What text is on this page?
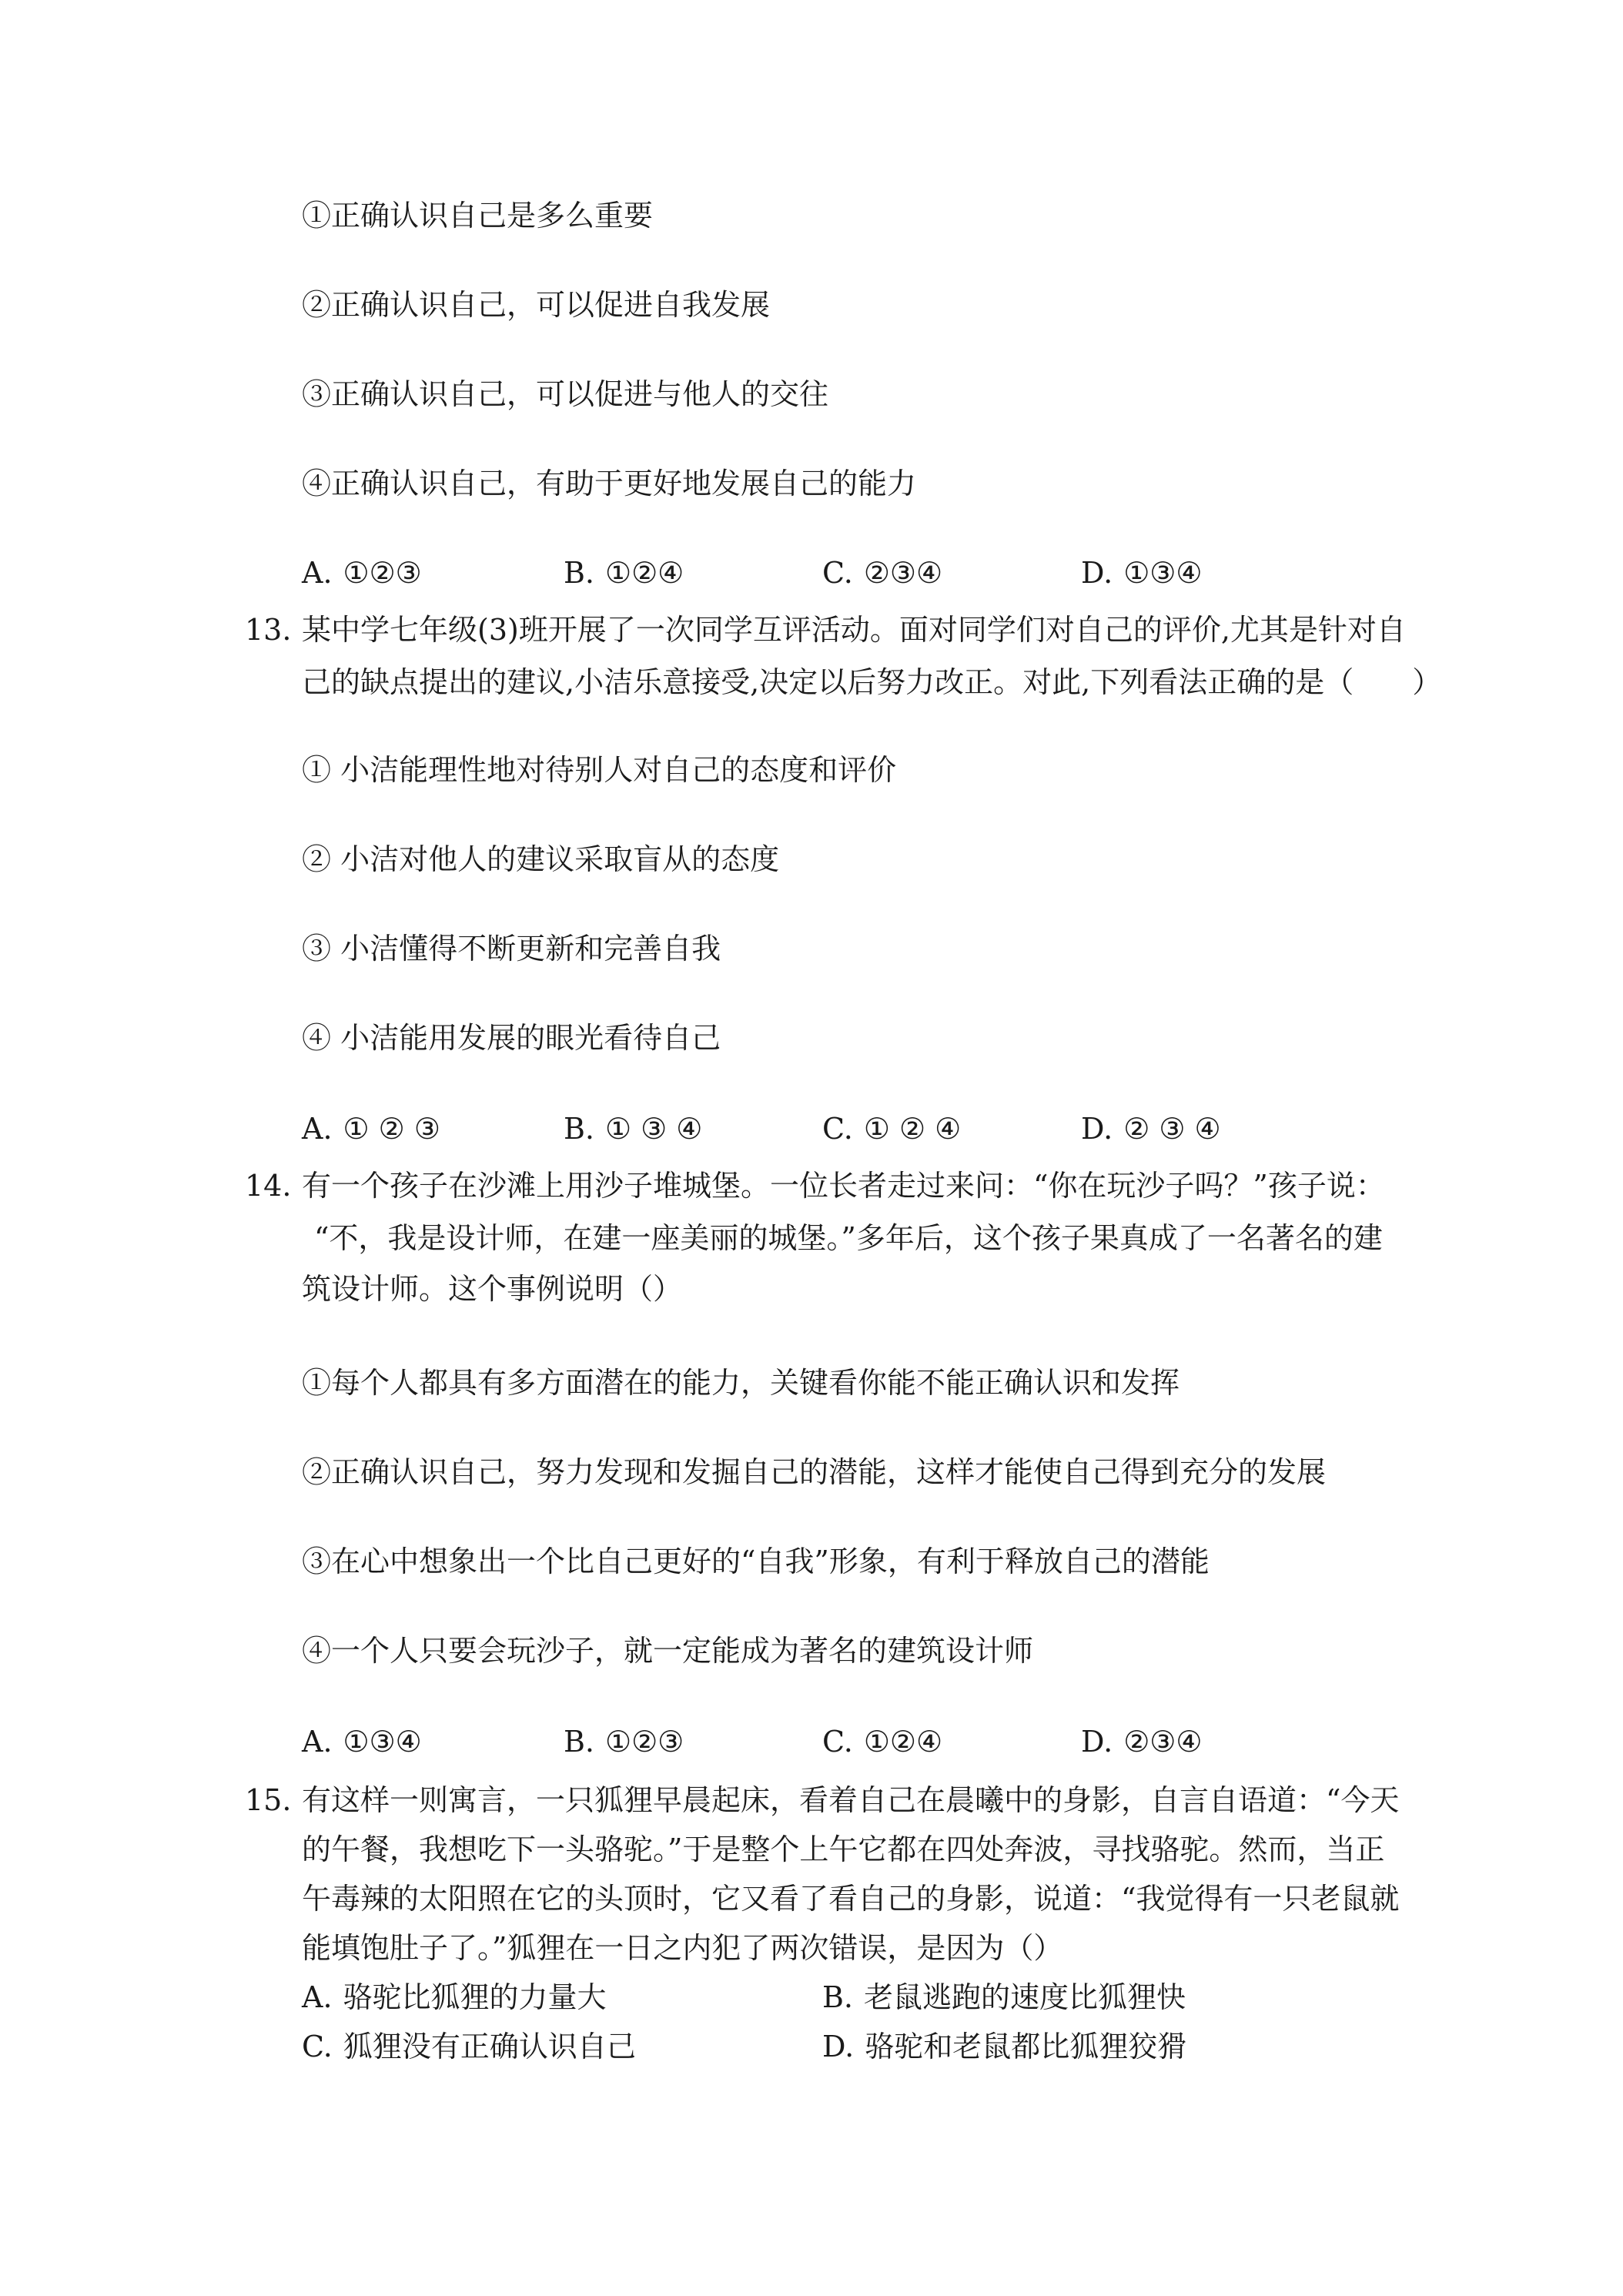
①正确认识自己是多么重要
②正确认识自己，可以促进自我发展
③正确认识自己，可以促进与他人的交往
④正确认识自己，有助于更好地发展自己的能力
A. ①②③	B. ①②④	C. ②③④	D. ①③④
13. 某中学七年级(3)班开展了一次同学互评活动。面对同学们对自己的评价,尤其是针对自
己的缺点提出的建议,小洁乐意接受,决定以后努力改正。对此,下列看法正确的是（　　）
① 小洁能理性地对待别人对自己的态度和评价
② 小洁对他人的建议采取盲从的态度
③ 小洁懂得不断更新和完善自我
④ 小洁能用发展的眼光看待自己
A. ① ② ③	B. ① ③ ④	C. ① ② ④	D. ② ③ ④
14. 有一个孩子在沙滩上用沙子堆城堡。一位长者走过来问：“你在玩沙子吗？”孩子说：
“不，我是设计师，在建一座美丽的城堡。”多年后，这个孩子果真成了一名著名的建
筑设计师。这个事例说明（）
①每个人都具有多方面潜在的能力，关键看你能不能正确认识和发挥
②正确认识自己，努力发现和发掘自己的潜能，这样才能使自己得到充分的发展
③在心中想象出一个比自己更好的“自我”形象，有利于释放自己的潜能
④一个人只要会玩沙子，就一定能成为著名的建筑设计师
A. ①③④	B. ①②③	C. ①②④	D. ②③④
15. 有这样一则寓言，一只狐狸早晨起床，看着自己在晨曦中的身影，自言自语道：“今天
的午餐，我想吃下一头骆驼。”于是整个上午它都在四处奔波，寻找骆驼。然而，当正
午毒辣的太阳照在它的头顶时，它又看了看自己的身影，说道：“我觉得有一只老鼠就
能填饱肚子了。”狐狸在一日之内犯了两次错误，是因为（）
A. 骆驼比狐狸的力量大	B. 老鼠逃跑的速度比狐狸快
C. 狐狸没有正确认识自己	D. 骆驼和老鼠都比狐狸狡猾
